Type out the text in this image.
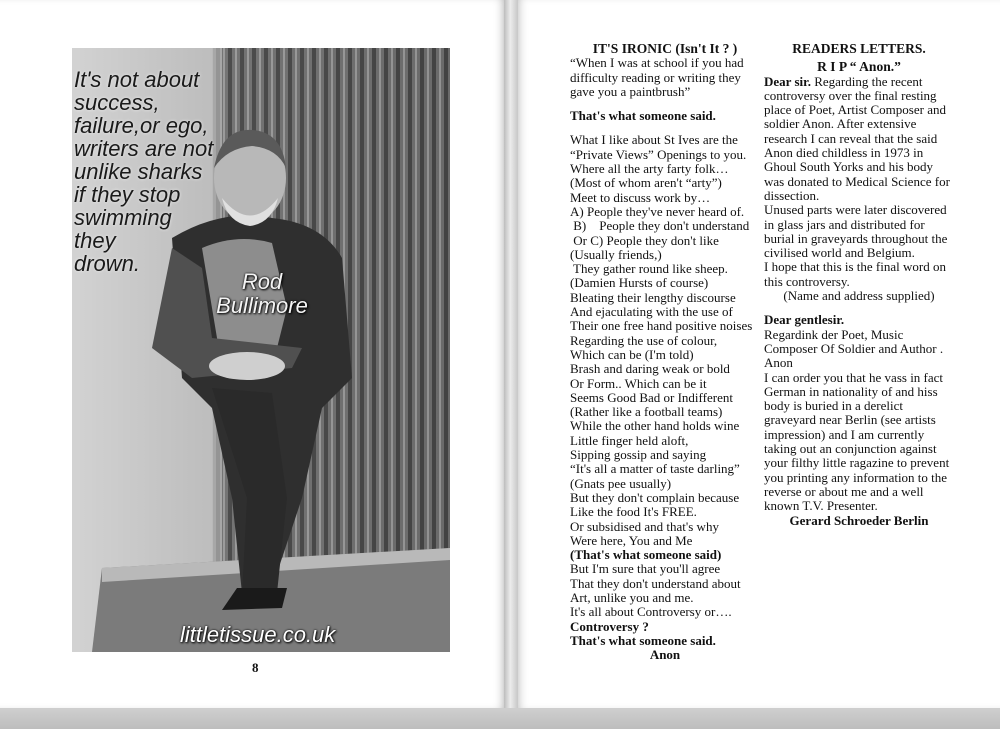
It's not about
success,
failure,or ego,
writers are not
unlike sharks
if they stop
swimming
they
drown.
Rod
Bullimore
littletissue.co.uk
8

IT'S IRONIC (Isn't It ? )

“When I was at school if you had difficulty reading or writing they gave you a paintbrush”

That's what someone said.

What I like about St Ives are the “Private Views” Openings to you.

Where all the arty farty folk…

(Most of whom aren't “arty”)

Meet to discuss work by…

A) People they've never heard of.

B)    People they don't understand

Or C) People they don't like

(Usually friends,)

They gather round like sheep.

(Damien Hursts of course)

Bleating their lengthy discourse

And ejaculating with the use of

Their one free hand positive noises

Regarding the use of colour,

Which can be (I'm told)

Brash and daring weak or bold

Or Form.. Which can be it

Seems Good Bad or Indifferent

(Rather like a football teams)

While the other hand holds wine

Little finger held aloft,

Sipping gossip and saying

“It's all a matter of taste darling”

(Gnats pee usually)

But they don't complain because

Like the food It's FREE.

Or subsidised and that's why

Were here, You and Me

(That's what someone said)

But I'm sure that you'll agree

That they don't understand about Art, unlike you and me.

It's all about Controversy or….

Controversy ?

That's what someone said.

Anon

READERS LETTERS.

R I P “ Anon.”

Dear sir. Regarding the recent controversy over the final resting place of Poet, Artist Composer and soldier Anon. After extensive research I can reveal that the said Anon died childless in 1973 in Ghoul South Yorks and his body was donated to Medical Science for dissection.

Unused parts were later discovered in glass jars and distributed for burial in graveyards throughout the civilised world and Belgium.

I hope that this is the final word on this controversy.

(Name and address supplied)

Dear gentlesir.

Regardink der Poet, Music Composer Of Soldier and Author . Anon
I can order you that he vass in fact German in nationality of and hiss body is buried in a derelict graveyard near Berlin (see artists impression) and I am currently taking out an conjunction against your filthy little ragazine to prevent you printing any information to the reverse or about me and a well known T.V. Presenter.

Gerard Schroeder Berlin
